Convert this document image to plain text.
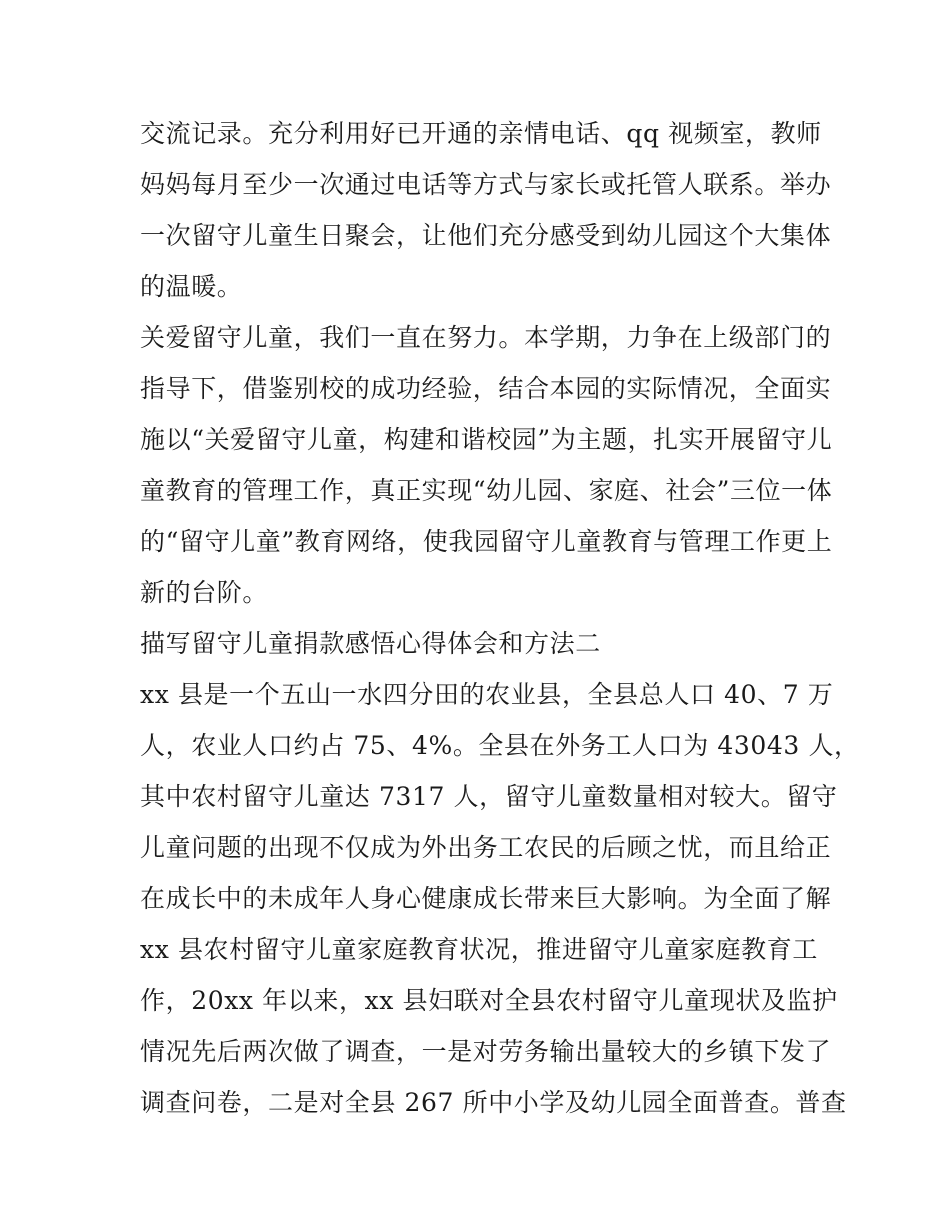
交流记录。充分利用好已开通的亲情电话、qq 视频室，教师
妈妈每月至少一次通过电话等方式与家长或托管人联系。举办
一次留守儿童生日聚会，让他们充分感受到幼儿园这个大集体
的温暖。
关爱留守儿童，我们一直在努力。本学期，力争在上级部门的
指导下，借鉴别校的成功经验，结合本园的实际情况，全面实
施以“关爱留守儿童，构建和谐校园”为主题，扎实开展留守儿
童教育的管理工作，真正实现“幼儿园、家庭、社会”三位一体
的“留守儿童”教育网络，使我园留守儿童教育与管理工作更上
新的台阶。
描写留守儿童捐款感悟心得体会和方法二
xx 县是一个五山一水四分田的农业县，全县总人口 40、7 万
人，农业人口约占 75、4%。全县在外务工人口为 43043 人，
其中农村留守儿童达 7317 人，留守儿童数量相对较大。留守
儿童问题的出现不仅成为外出务工农民的后顾之忧，而且给正
在成长中的未成年人身心健康成长带来巨大影响。为全面了解
xx 县农村留守儿童家庭教育状况，推进留守儿童家庭教育工
作，20xx 年以来，xx 县妇联对全县农村留守儿童现状及监护
情况先后两次做了调查，一是对劳务输出量较大的乡镇下发了
调查问卷，二是对全县 267 所中小学及幼儿园全面普查。普查
